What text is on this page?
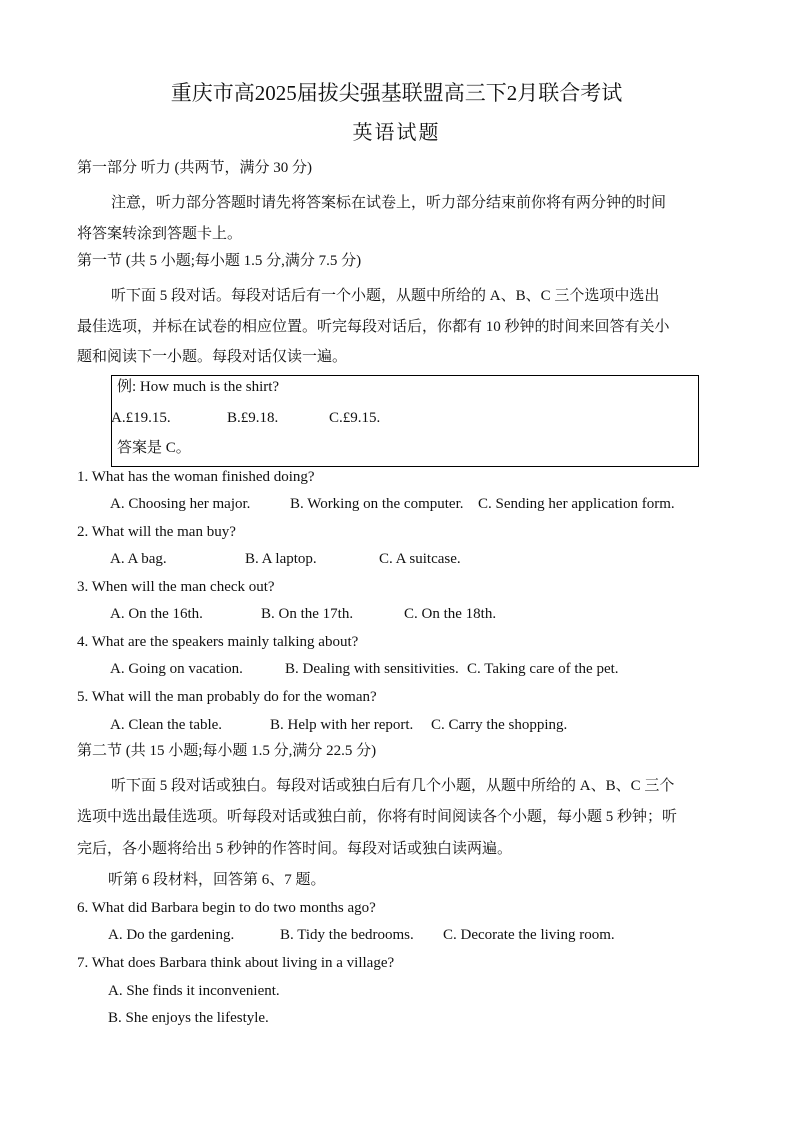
重庆市高2025届拔尖强基联盟高三下2月联合考试
英语试题
第一部分 听力 (共两节，满分 30 分)
注意，听力部分答题时请先将答案标在试卷上，听力部分结束前你将有两分钟的时间
将答案转涂到答题卡上。
第一节 (共 5 小题;每小题 1.5 分,满分 7.5 分)
听下面 5 段对话。每段对话后有一个小题，从题中所给的 A、B、C 三个选项中选出
最佳选项，并标在试卷的相应位置。听完每段对话后，你都有 10 秒钟的时间来回答有关小
题和阅读下一小题。每段对话仅读一遍。
例: How much is the shirt?
A.£19.15.	B.£9.18.	C.£9.15.
答案是 C。
1. What has the woman finished doing?
A. Choosing her major.	B. Working on the computer. C. Sending her application form.
2. What will the man buy?
A. A bag.	B. A laptop.	C. A suitcase.
3. When will the man check out?
A. On the 16th.	B. On the 17th.	C. On the 18th.
4. What are the speakers mainly talking about?
A. Going on vacation.	B. Dealing with sensitivities. C. Taking care of the pet.
5. What will the man probably do for the woman?
A. Clean the table.	B. Help with her report. C. Carry the shopping.
第二节 (共 15 小题;每小题 1.5 分,满分 22.5 分)
听下面 5 段对话或独白。每段对话或独白后有几个小题，从题中所给的 A、B、C 三个
选项中选出最佳选项。听每段对话或独白前，你将有时间阅读各个小题，每小题 5 秒钟；听
完后，各小题将给出 5 秒钟的作答时间。每段对话或独白读两遍。
听第 6 段材料，回答第 6、7 题。
6. What did Barbara begin to do two months ago?
A. Do the gardening.	B. Tidy the bedrooms. C. Decorate the living room.
7. What does Barbara think about living in a village?
A. She finds it inconvenient.
B. She enjoys the lifestyle.
